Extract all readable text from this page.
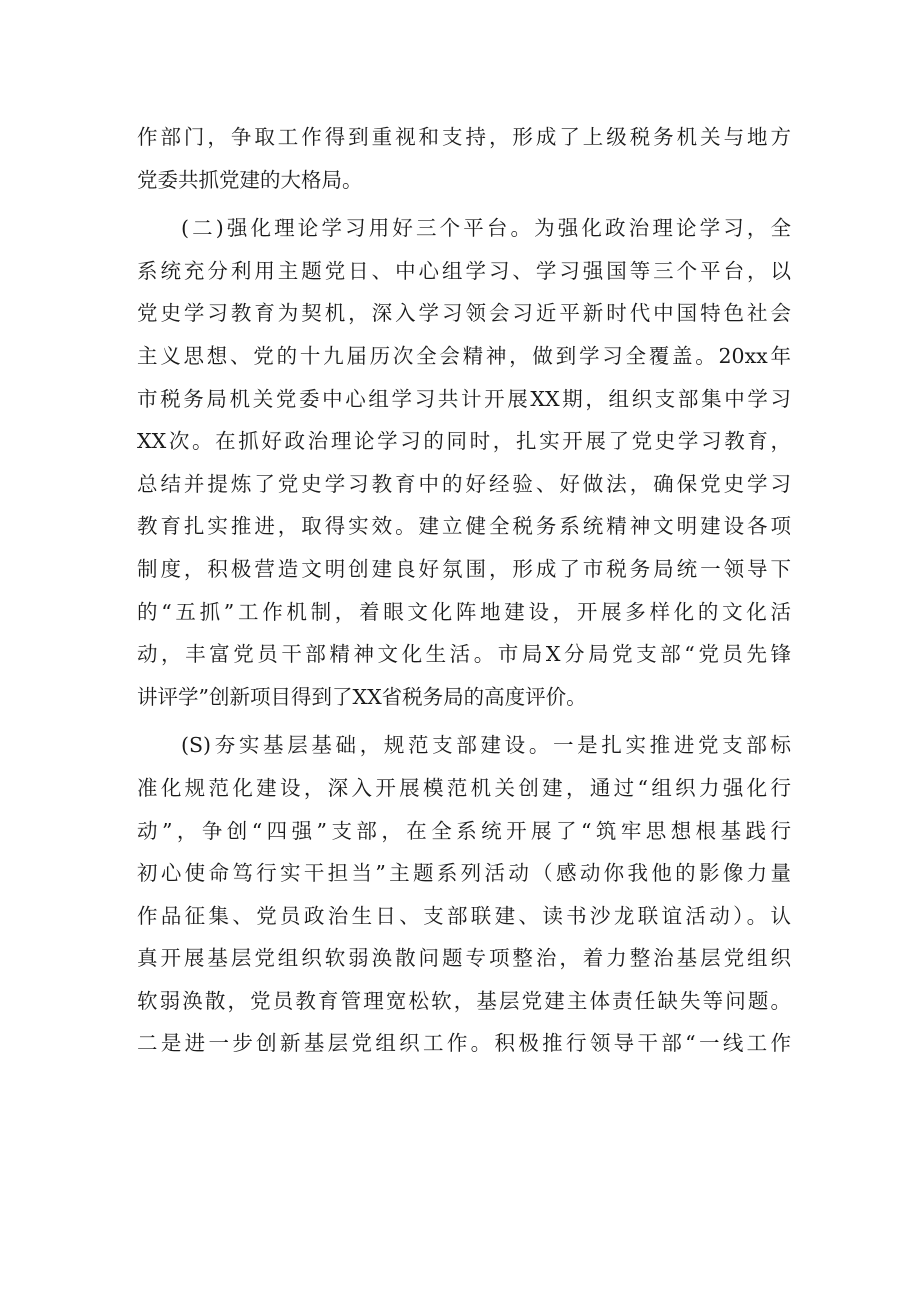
作部门，争取工作得到重视和支持，形成了上级税务机关与地方
党委共抓党建的大格局。
(二)强化理论学习用好三个平台。为强化政治理论学习，全
系统充分利用主题党日、中心组学习、学习强国等三个平台，以
党史学习教育为契机，深入学习领会习近平新时代中国特色社会
主义思想、党的十九届历次全会精神，做到学习全覆盖。20xx年
市税务局机关党委中心组学习共计开展XX期，组织支部集中学习
XX次。在抓好政治理论学习的同时，扎实开展了党史学习教育，
总结并提炼了党史学习教育中的好经验、好做法，确保党史学习
教育扎实推进，取得实效。建立健全税务系统精神文明建设各项
制度，积极营造文明创建良好氛围，形成了市税务局统一领导下
的“五抓”工作机制，着眼文化阵地建设，开展多样化的文化活
动，丰富党员干部精神文化生活。市局X分局党支部“党员先锋
讲评学”创新项目得到了XX省税务局的高度评价。
(S)夯实基层基础，规范支部建设。一是扎实推进党支部标
准化规范化建设，深入开展模范机关创建，通过“组织力强化行
动”，争创“四强”支部，在全系统开展了“筑牢思想根基践行
初心使命笃行实干担当”主题系列活动（感动你我他的影像力量
作品征集、党员政治生日、支部联建、读书沙龙联谊活动）。认
真开展基层党组织软弱涣散问题专项整治，着力整治基层党组织
软弱涣散，党员教育管理宽松软，基层党建主体责任缺失等问题。
二是进一步创新基层党组织工作。积极推行领导干部“一线工作
